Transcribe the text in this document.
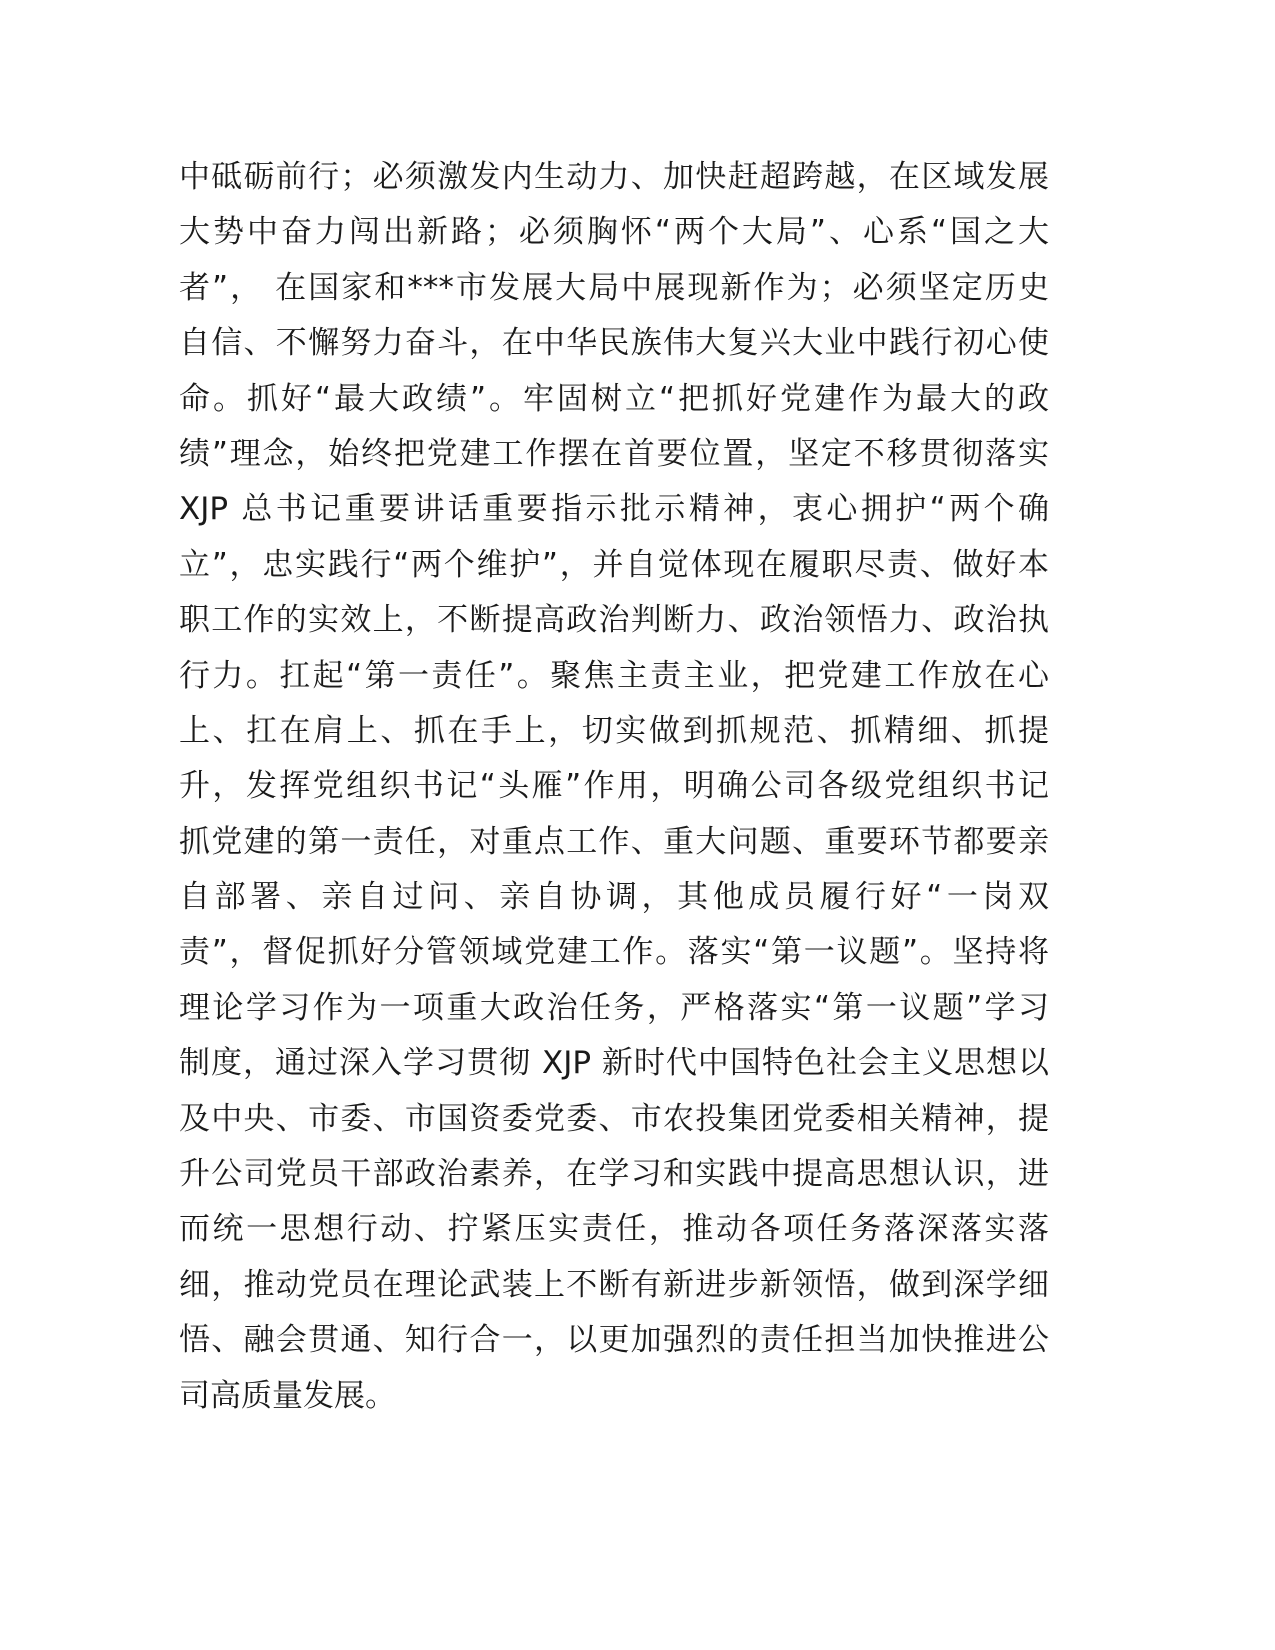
中砥砺前行；必须激发内生动力、加快赶超跨越，在区域发展
大势中奋力闯出新路；必须胸怀“两个大局”、心系“国之大
者”， 在国家和***市发展大局中展现新作为；必须坚定历史
自信、不懈努力奋斗，在中华民族伟大复兴大业中践行初心使
命。抓好“最大政绩”。牢固树立“把抓好党建作为最大的政
绩”理念，始终把党建工作摆在首要位置，坚定不移贯彻落实
XJP 总书记重要讲话重要指示批示精神，衷心拥护“两个确
立”，忠实践行“两个维护”，并自觉体现在履职尽责、做好本
职工作的实效上，不断提高政治判断力、政治领悟力、政治执
行力。扛起“第一责任”。聚焦主责主业，把党建工作放在心
上、扛在肩上、抓在手上，切实做到抓规范、抓精细、抓提
升，发挥党组织书记“头雁”作用，明确公司各级党组织书记
抓党建的第一责任，对重点工作、重大问题、重要环节都要亲
自部署、亲自过问、亲自协调，其他成员履行好“一岗双
责”，督促抓好分管领域党建工作。落实“第一议题”。坚持将
理论学习作为一项重大政治任务，严格落实“第一议题”学习
制度，通过深入学习贯彻 XJP 新时代中国特色社会主义思想以
及中央、市委、市国资委党委、市农投集团党委相关精神，提
升公司党员干部政治素养，在学习和实践中提高思想认识，进
而统一思想行动、拧紧压实责任，推动各项任务落深落实落
细，推动党员在理论武装上不断有新进步新领悟，做到深学细
悟、融会贯通、知行合一，以更加强烈的责任担当加快推进公
司高质量发展。
